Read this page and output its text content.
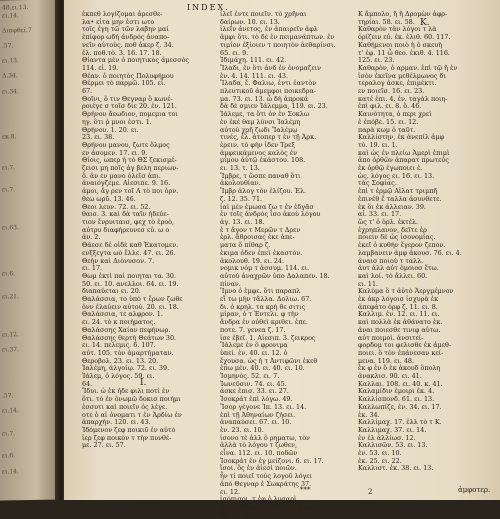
48.ει.13.
ει.14.
Διαφθεῖ.7
.57.
ει.13.
Δ.34.
ει.34.
εκ.8.
ει.7.
ει.7.
ει.63.
ει.6.
ει.21.
ει.12.
ει.37.
.57.
ει.14.
ει.7.
ει.6.
ει.14.
INDEX.
ἐκπεθ λογίζομαι ἀρεσθε-
λα• εἰτα μην ἐστι ωτο
τοῖς ἐγη τῶ τῶν λαβην μαί
ἐπίφορ ωδή ἀνδρός ἀναπο-
νεῖν αὐτοὺς. ποθ ἀκερ ζ. 34.
ἐλ. ποθ.τὸ. 3. 16. 17. 18.
Θίαντα μὲν ὁ ποιητικὸς ἀμεσσὸς
114. εἰ. 19.
Θέαν. ὁ ποιητὸς Πολυφήμου
Θέρμει τὸ παρμῶ. 105. εἰ.
67.
Θοῖνι, ὃ τιν Θεγναρ ὃ κωνέ-
ροιέγε σ τοῖσ διε 20. ἐν. 121.
Θρήνου ἄεωδιον, πομεμια τοι
ηγ. ὃτι ῥ μνοι ἐστι. 1.
Θρήνου. 1. 20. ει.
23. ει. 38.
Θρήνου μανου, ζωτε ὅλμος
εν ἀσομεν. 17. ει. 9.
Θίοις, ωπερ ἡ τὸ ΘΣ ζεκισμέ-
ζεισι μη ποῖς ἀγ βελη περιων-
ὅ. ἀν εν μανο ὁλεῖσ ἀπι.
ἀναιόγζεμε. Αἰεσιπε. 9. 16.
ἀμοι, ἄγ ρεν τοῖ Α τὸ ποι ὀρν.
θεω ωρῦ. 13. 46.
Θεοι λευν. 72. ει. 52.
θαισ. 3. καὶ δὰ ταῖν ἡδεύε-
τιον ἔνρυιταισ, φεχ τὸ ἑροὸ,
αὐτρυ διαφήρευνεσ εὐ. ω ο
ἀν. 2.
Θάεσε δἐ οἱδὲ καθ Ἑκατομεν.
ενξξεγτα ωὸ ἕλλε. 47. ει. 26.
Θεὴν καὶ Διὸνυσον. 7.
ει. 17.
Θωμ ἐκτὶ παὶ ποιηται τα. 30.
50. ει. 10. ανελλοι. 64. ει. 19.
διαπαύεται ει. 20.
Θαλάσσια, το ὑπὸ τ ἔρων ζωθε
ὀνν ἐλαύειν αὐτοὺ. 20. ει. 18.
Θαλάσσια, τε αλφρον. 1.
ει. 24. τὸ κ ποιήματος.
Θαλάσσης Χαίαν πεφήνωρ.
Θαλάσσης θερτὴ Θεάτων 30.
ει. 14. πελεμις. 6. 107.
αὐτ. 105. τὸν ἁμαρτήματαν.
Θεροβολ. 23. ει. 13. 20.
Ἰαλέμη, ἀλγοίῳ. 72. ει. 39.
Ἰάλεμ, ὁ λόγος. 59. ει.
64.
Ἴδυι. ὡ ἐκ ἡδε φιλι ποτὶ ἐν
ὃτι. τὸ ἐν ὀνωμῶ δοκισ ποιήμι
ἐσσυτι καὶ ποιεῖν ὁς λέγε.
οτε ὁ αἱ ὀνοματι τ ἐν Ἀρδίω ἐν
ἀπαρχὴν. 120. ει. 43.
Ἰδόμενον ζεφ ποικιῦ ἐν αὐτὸ
ἰερ ζεφ ποικὸν τ τὴν πυνθέ-
με. 27. ει. 57.
ἰλεῖ ἐντε ποιεῖν. τὸ χρῆναι
δαίρων. 10. ει. 13.
ἰλεῖν ἀνετος, ἐν ἀπαιρεῖν ἀφλ
ἀμφι ὅτι. τὸ δὲ ἐν πειμανάπτων. ἐν
τιμίον ἐξίοιεν τ ποιητὸν ἀεθαρίνσι.
65. ει. 9.
Ἰδιμάχη. 111. ει. 42.
Ἴλαδι, ἐν ὃτι ἀνδ ἐν ὀνομαζειν
ἐν. 4. 14. 111. ει. 43.
Ἴλαδα, ἔ. Φαλιω, ἐντι ἐαντὸν
πλευτικοῦ ἀμεμφοι ποικεδρα-
μα. 73. ει. 13. ὧ δὴ ἀπροκά
δὰ δὲ σμιεν Ἰάλεμμα, 119. ει. 23.
Ἰάλεμε, τα ὅτι ὀν ἐν Σοκλω
ἐν ἐκέ θαμ λύνσι Ἰαλέμη
αὐτοὺ χρῆ ζωδι Ἴαλέμῳ
τινές, ἐλ. ἀτοπερ τ ἐν τῇ Ἀρκ.
ἐρειν. τὸ φὴν ἰδεν Τρεξ
ἀμφεικάμενος καλὸς ἐν
μίμου ἀὐτῷ ἑκάστου. 108.
ει. 13. τ. 13.
Ἴμβρε, τ ὥσπε παναθ ὅτι
ἀκολουθίαν.
Ἴμβρ ἀλογ τὸν ἐλίζου. Ἑλ.
ζ. 12. 35. 71.
ἰαὶ μὲν ἐμωσα ζω τ ἐν ἐδγᾶσ
ἐν τοῖς ἀνδρὸς ἰσο ἀκοὺ λόγου
ἀγ. 13. ει. 18.
ἐ τ ἄγον τ Μερῶν τ Δρεν
ἐρλ. ἄθροισας ἐκε ἀπε-
ματα ὄ πίθαρ ζ.
ἐκιμα ὁδεν ἐπεὶ ἑκαστὸν.
ἀκολουθ. 19. ει. 24.
νομικ νόμ τ ἀσσυμ. 114. ει.
αὐτοὺ ἀναχρῶν ὑπο Δαλαπεν. 18.
πίναν.
Ἴμνο ὁ ἑμφε. ὅτι παραπλ
εἴ τω μὴν τἄλλα. Δολιω. 67.
δι. ὁ κρηλ. τα κρὴ θε σιτις
μίραν, ὁ τ Ἑντελι. φ τὴν
ἄνδρα ἐν οὐθεὶ κριθει. ἐπε.
ποτε. 7. γενεα ζ. 17.
ἰσε ἐβεῖ. 1. Αἰεσιπ. 3. ζεικρος
Ἴάλεμε ἐν ὃ φρονιμα
ὑπεί. ἐν. 40. ει. 12. ὁ
ἔχουσα. ὡς ἡ τ Ἀντιφῶνι ἐκεθ
ἐπω μὲν. 40. ει. 40. ει. 10.
Ἰσμηνὸς. 52. ει. 7.
Ἰωνεῦσιν. 74. ει. 45.
ἀσκε ἐπισ. 33. ει. 27.
Ἰσοκράτ ἐπὶ λόγω. 49.
Ἴσορ γέγονε Ἰπ. 13. ει. 14.
ἐπὶ τῇ Ἀθηναίων ζήσει.
ἀναπαύσει. 67. ει. 10.
ἐν. 23. ει. 10.
ἰσονο τὲ ἀλλ ὃ ρηματω, τὸν
ἀλλὰ τὸ λόγου τ ζωθεν,
εἷνα. 112. ει. 10. ποδῶν
Ἰσοκράτ ἐν ἐγ μείζονι. 6. ει. 17.
ἴσοι. ὃς ἐν ἀἰεσὶ ποιῶν.
ἦν τί ποιεῖ τοὺς λογοῦ λόγει
ἀπό Θεγναρ ἐ Σωκράτης 37.
ει. 12.
ἰσόπισοι. τ ἐφ ὁ λυσαρὶ
λυσαι ἐθέμενον ἐν τοῖς ἐντύ.
86. ει. 30.
Κ ἄμπολο, ἢ ἢ Δρομὼν ἀφρ-
τηρίαι. 58. ει. 58.
Καθαρὸν τὰν λόγοι τ λὰ
ὀρίζειν εὐ. ἐκ. ἐλιθ. 60. 117.
Καθήμενοι ποιὸ ἡ ὁ σκευὴ
τ' ἐφ. 11 ὧ θεο. ἐκιθ. 4. 116.
125. ει. 23.
Καθαρὸν, ὁ αρμαν. ἐπὶ τῷ ἢ ἐν
ἰσὸν ἐκεῖνα μεθέλμωνος δι
τεραλογ ἀσκε, ἐπιμέκτι.
εν ποιεῖσ. 16. ει. 23.
κατέ ἐπι. 4. ἐν. ταγὰλ ποιη-
ἐπὶ φιλ. ει. 8. ὅ. 46.
Καινότητα, ὁ περι χρεὶ
ἐ ἐπόβε. 15. ει. 12.
παρὰ κωμ ὁ ταῦτ.
Καλλίστην, ἐκ ἀνεπίλ ἀμφ
τὸ. 19. ει. 1.
καὶ ὡς ἐν πλείω Ἀμερὶ ἐπιμὶ
ἀπο ὀρθῶν ἀπαρατ πρωτεύς
ἐκ ὀρθῷ ἐγωποιει ἐ.
ὡς. λόγος ει. 16. ει. 13.
τὰς Σοφίας.
ἐπὶ τ ἐρμῷ Αἰλατ τριμπῆ
ἐπινέθ ἕ ταλλα ἁσυνθετε.
ἐκ ὃι ἐκ ἀλλειαν. 39.
αἱ. 33. ει. 17.
ὥς τ' ὁ ὁρλ. ἐκτέλ.
ἐχρηπλανον, δεῖτε ἐρ
ποιειν δὲ ὡς ἰσονομίας.
ἐκεῖ ὁ κυθήν ἔγερον ζεπον.
λαμβανειν ἀμφ ἀκουσ. 76. ει. 4.
ἀναισ ποιοὺ τ ταλλ.
ἀυτ ἀλλ αὐτ ὀμοιοσ ἕτω.
καὶ λοί. τὸ ἄλλει. 60.
ει. 11.
Καλύμα ὃ τ ἀὐτὸ Ἀεργμέμνον
ἐκ ἀκρ λόγοισ ἰσχυρὰ ἐκ
ἀπεφάτο ὀρφ ζ. 11. ει. 8.
Καλλιμ. ἐν. 12. ει. 11. ει.
καὶ πολλὰ ἐκ ἀθάνατο ἐκ.
ἀναι ποιεσθε τινιφ αὐτω.
αὐτ ποιμοὶ. ἀνσιτεί-
φορδομ τοι φελισθε ἐκ ἀμεθ-
ποιει. ὃ τὸν ἐπάνεσαν κεί-
μενα. 119. ει. 48.
ἐκ φ ἐν ὅ ἐκ ἀκουδ ὃπολη
ἀνακλισ. 90. ει. 41.
Καλλαι. 108. ει. 40. κ. 41.
Καλαμίδιν ἐμοιρι ἐκ. 4.
Καλλίσπονδ. 61. ει. 13.
Καλλωπίζε, ἐν. 34. ει. 17.
ἐκ. 34.
Καλλίμαχ. 17. ἐλλ τὸ τ Κ.
Καλλιμαχ. 37. ει. 14.
ἐν ἐλ ἀλλίωσ. 12.
Καλλισῶν. 53. ει. 13.
ἐν. 53. ει. 10.
ἐκ. 25. ει. 22.
Καλλιστ. ἐκ. 38. ει. 13.
I.
K.
***	ἀμφοτερ.
2
